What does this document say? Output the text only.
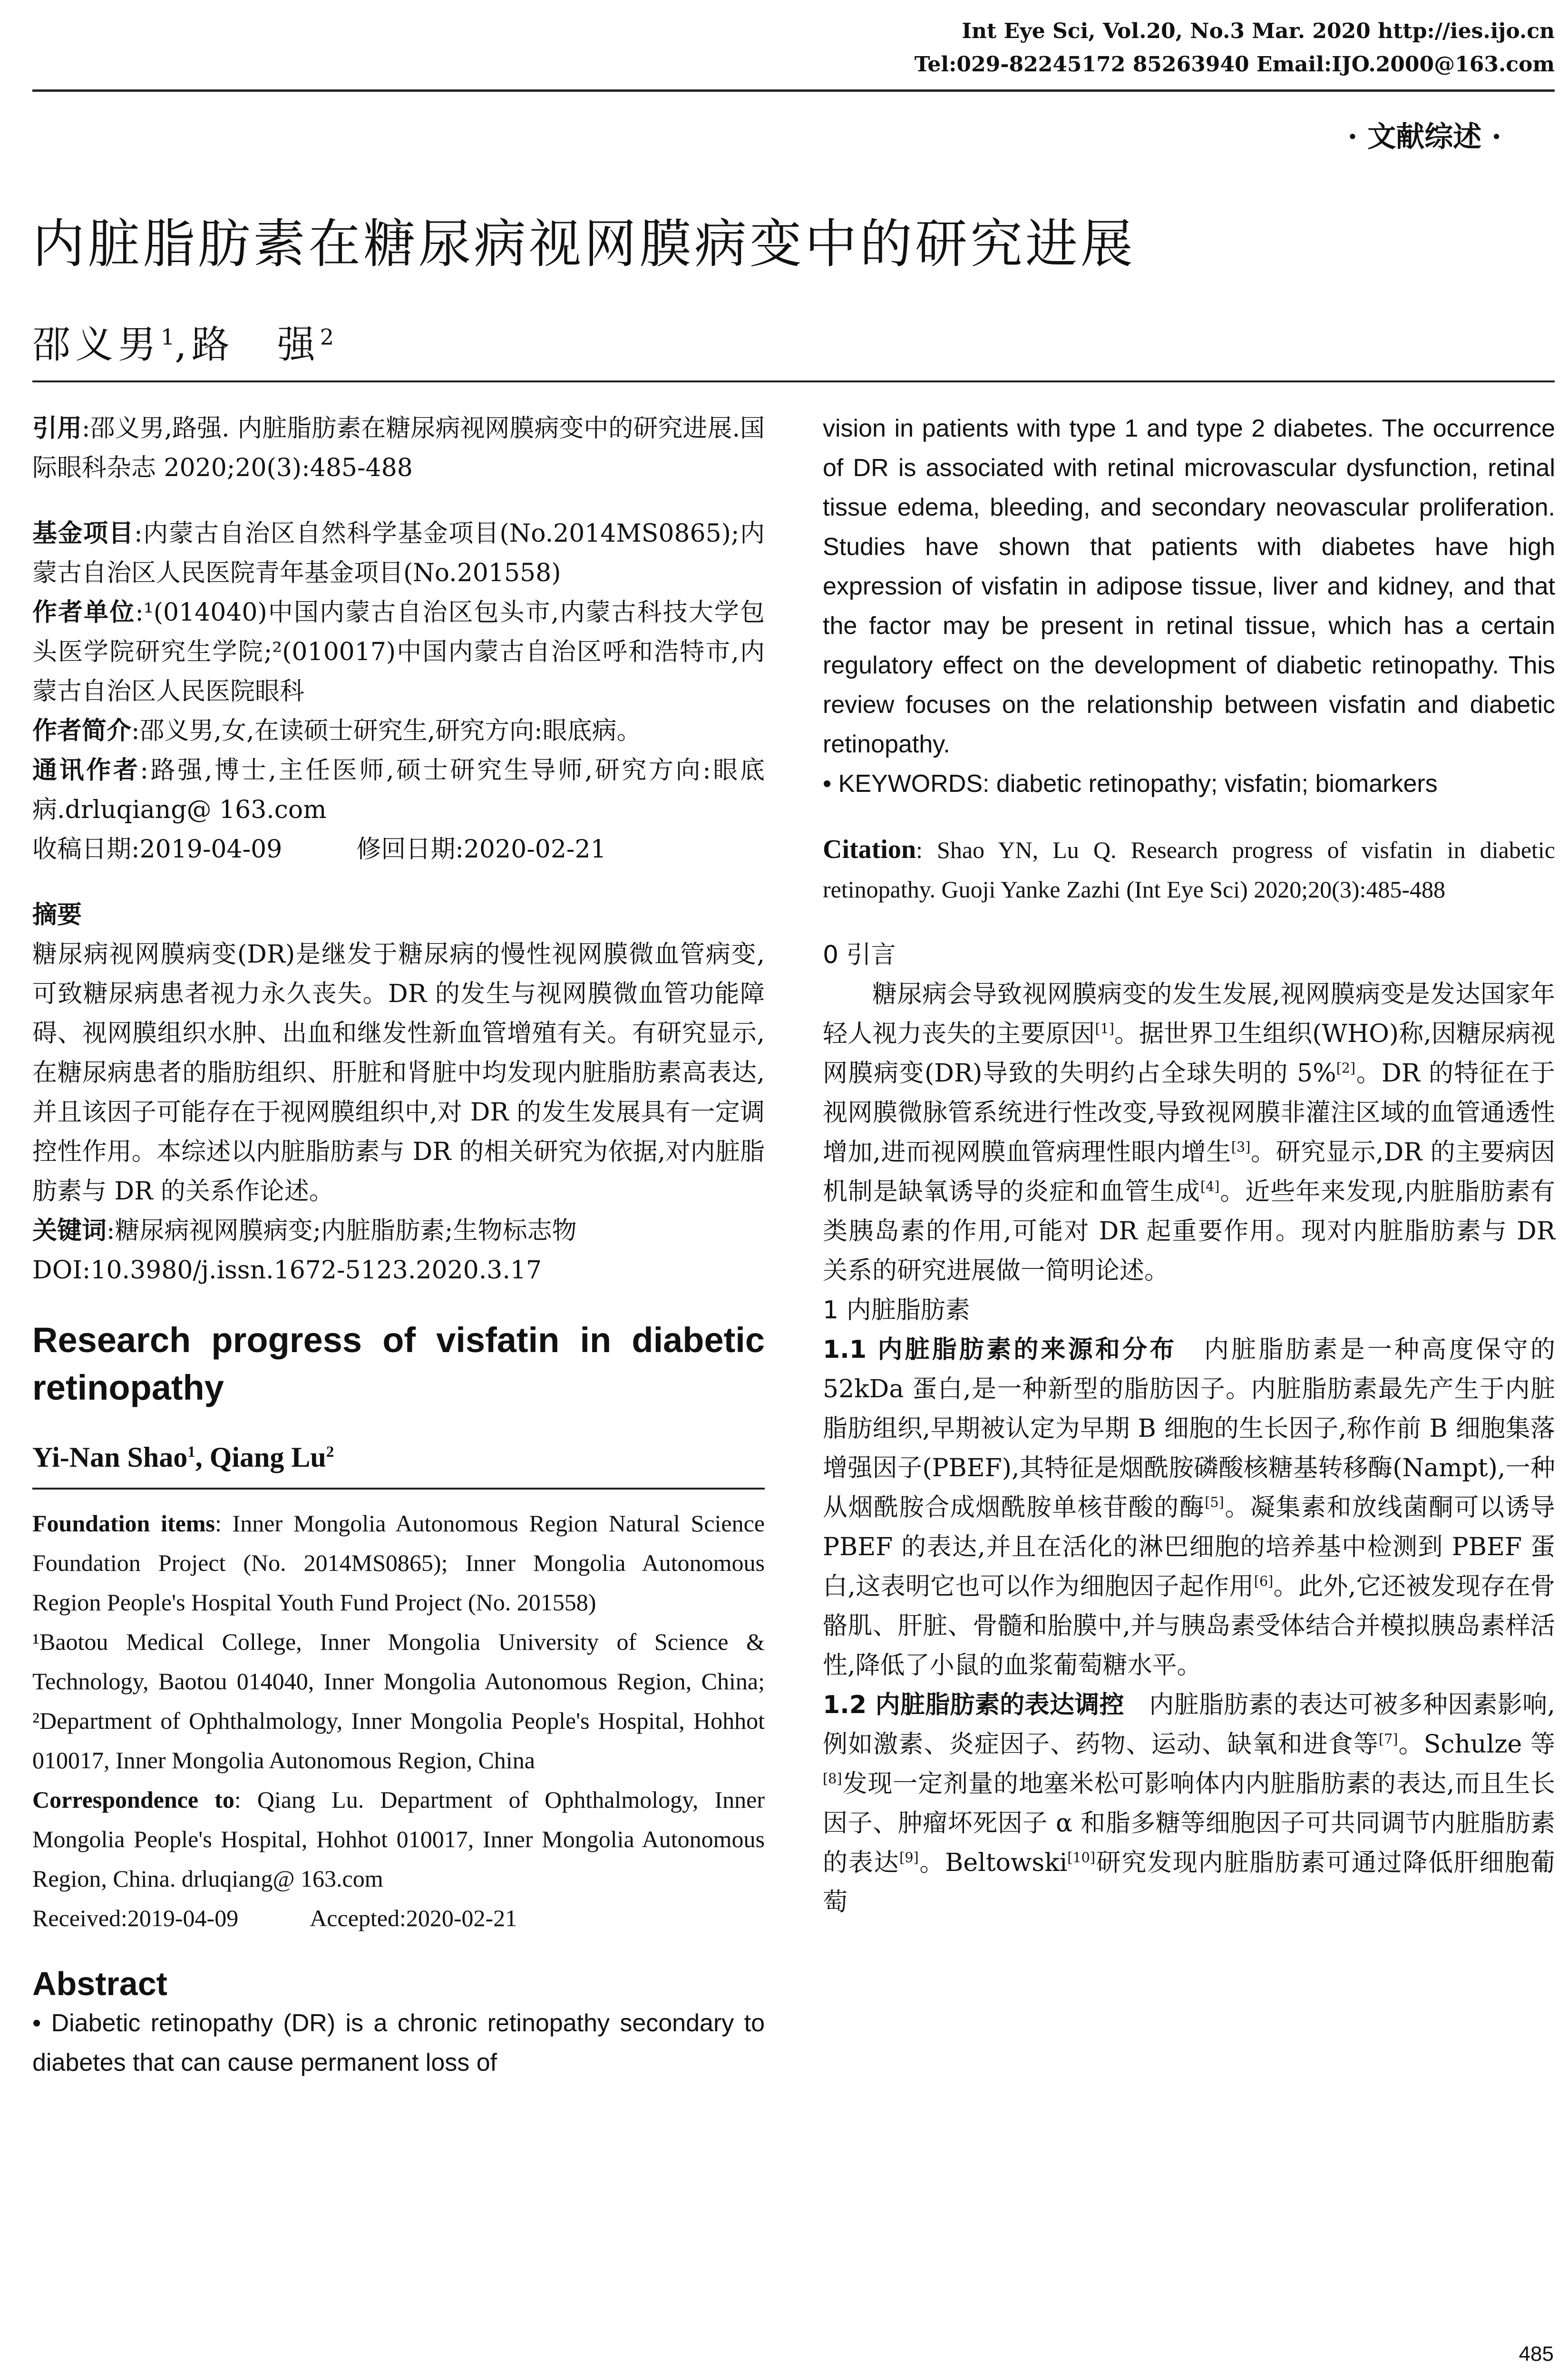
Int Eye Sci, Vol.20, No.3 Mar. 2020 http://ies.ijo.cn
Tel:029-82245172 85263940 Email:IJO.2000@163.com
· 文献综述 ·
内脏脂肪素在糖尿病视网膜病变中的研究进展
邵义男$^1$,路　强$^2$

引用:邵义男,路强. 内脏脂肪素在糖尿病视网膜病变中的研究进展.国际眼科杂志 2020;20(3):485-488

基金项目:内蒙古自治区自然科学基金项目(No.2014MS0865);内蒙古自治区人民医院青年基金项目(No.201558)

作者单位:¹(014040)中国内蒙古自治区包头市,内蒙古科技大学包头医学院研究生学院;²(010017)中国内蒙古自治区呼和浩特市,内蒙古自治区人民医院眼科

作者简介:邵义男,女,在读硕士研究生,研究方向:眼底病。

通讯作者:路强,博士,主任医师,硕士研究生导师,研究方向:眼底病.drluqiang@ 163.com

收稿日期:2019-04-09　　　修回日期:2020-02-21

摘要

糖尿病视网膜病变(DR)是继发于糖尿病的慢性视网膜微血管病变,可致糖尿病患者视力永久丧失。DR 的发生与视网膜微血管功能障碍、视网膜组织水肿、出血和继发性新血管增殖有关。有研究显示,在糖尿病患者的脂肪组织、肝脏和肾脏中均发现内脏脂肪素高表达,并且该因子可能存在于视网膜组织中,对 DR 的发生发展具有一定调控性作用。本综述以内脏脂肪素与 DR 的相关研究为依据,对内脏脂肪素与 DR 的关系作论述。

关键词:糖尿病视网膜病变;内脏脂肪素;生物标志物

DOI:10.3980/j.issn.1672-5123.2020.3.17

Research progress of visfatin in diabetic retinopathy

Yi-Nan Shao$^1$, Qiang Lu$^2$

Foundation items: Inner Mongolia Autonomous Region Natural Science Foundation Project (No. 2014MS0865); Inner Mongolia Autonomous Region People's Hospital Youth Fund Project (No. 201558)

¹Baotou Medical College, Inner Mongolia University of Science & Technology, Baotou 014040, Inner Mongolia Autonomous Region, China; ²Department of Ophthalmology, Inner Mongolia People's Hospital, Hohhot 010017, Inner Mongolia Autonomous Region, China

Correspondence to: Qiang Lu. Department of Ophthalmology, Inner Mongolia People's Hospital, Hohhot 010017, Inner Mongolia Autonomous Region, China. drluqiang@ 163.com

Received:2019-04-09　　　Accepted:2020-02-21

Abstract

• Diabetic retinopathy (DR) is a chronic retinopathy secondary to diabetes that can cause permanent loss of

vision in patients with type 1 and type 2 diabetes. The occurrence of DR is associated with retinal microvascular dysfunction, retinal tissue edema, bleeding, and secondary neovascular proliferation. Studies have shown that patients with diabetes have high expression of visfatin in adipose tissue, liver and kidney, and that the factor may be present in retinal tissue, which has a certain regulatory effect on the development of diabetic retinopathy. This review focuses on the relationship between visfatin and diabetic retinopathy.

• KEYWORDS: diabetic retinopathy; visfatin; biomarkers

Citation: Shao YN, Lu Q. Research progress of visfatin in diabetic retinopathy. Guoji Yanke Zazhi (Int Eye Sci) 2020;20(3):485-488

0 引言

糖尿病会导致视网膜病变的发生发展,视网膜病变是发达国家年轻人视力丧失的主要原因[1]。据世界卫生组织(WHO)称,因糖尿病视网膜病变(DR)导致的失明约占全球失明的 5%[2]。DR 的特征在于视网膜微脉管系统进行性改变,导致视网膜非灌注区域的血管通透性增加,进而视网膜血管病理性眼内增生[3]。研究显示,DR 的主要病因机制是缺氧诱导的炎症和血管生成[4]。近些年来发现,内脏脂肪素有类胰岛素的作用,可能对 DR 起重要作用。现对内脏脂肪素与 DR 关系的研究进展做一简明论述。

1 内脏脂肪素

1.1 内脏脂肪素的来源和分布　内脏脂肪素是一种高度保守的 52kDa 蛋白,是一种新型的脂肪因子。内脏脂肪素最先产生于内脏脂肪组织,早期被认定为早期 B 细胞的生长因子,称作前 B 细胞集落增强因子(PBEF),其特征是烟酰胺磷酸核糖基转移酶(Nampt),一种从烟酰胺合成烟酰胺单核苷酸的酶[5]。凝集素和放线菌酮可以诱导 PBEF 的表达,并且在活化的淋巴细胞的培养基中检测到 PBEF 蛋白,这表明它也可以作为细胞因子起作用[6]。此外,它还被发现存在骨骼肌、肝脏、骨髓和胎膜中,并与胰岛素受体结合并模拟胰岛素样活性,降低了小鼠的血浆葡萄糖水平。

1.2 内脏脂肪素的表达调控　内脏脂肪素的表达可被多种因素影响,例如激素、炎症因子、药物、运动、缺氧和进食等[7]。Schulze 等[8]发现一定剂量的地塞米松可影响体内内脏脂肪素的表达,而且生长因子、肿瘤坏死因子 α 和脂多糖等细胞因子可共同调节内脏脂肪素的表达[9]。Beltowski[10]研究发现内脏脂肪素可通过降低肝细胞葡萄

485
